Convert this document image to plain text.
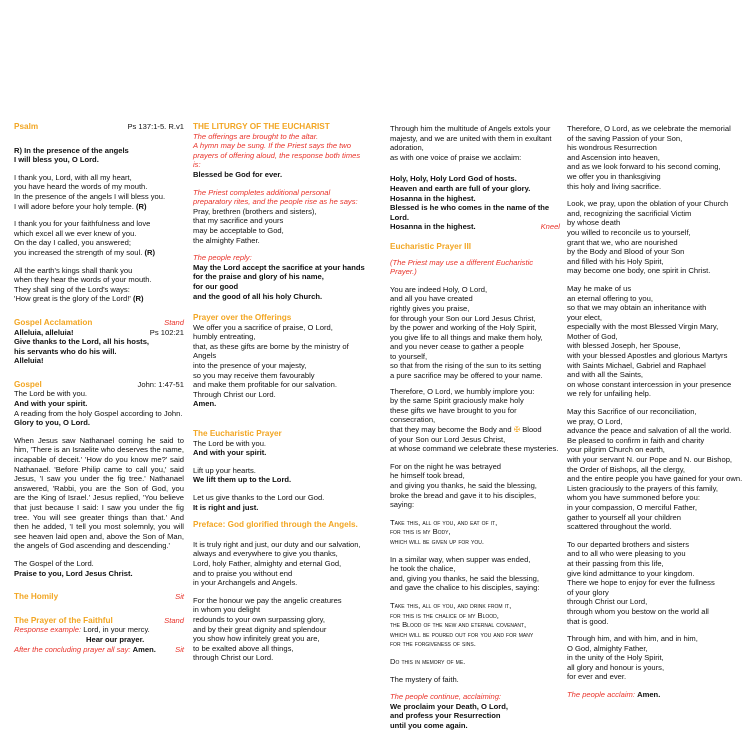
Psalm	Ps 137:1-5. R.v1

R) In the presence of the angels
I will bless you, O Lord.

I thank you, Lord, with all my heart,
you have heard the words of my mouth.
In the presence of the angels I will bless you.
I will adore before your holy temple. (R)

I thank you for your faithfulness and love
which excel all we ever knew of you.
On the day I called, you answered;
you increased the strength of my soul. (R)

All the earth's kings shall thank you
when they hear the words of your mouth.
They shall sing of the Lord's ways:
'How great is the glory of the Lord!' (R)

Gospel Acclamation	Stand
Alleluia, alleluia!	Ps 102:21

Give thanks to the Lord, all his hosts,
his servants who do his will.
Alleluia!

Gospel	John: 1:47-51
The Lord be with you.
And with your spirit.
A reading from the holy Gospel according to John.

Glory to you, O Lord.

When Jesus saw Nathanael coming he said to him, 'There is an Israelite who deserves the name, incapable of deceit.' 'How do you know me?' said Nathanael. 'Before Philip came to call you,' said Jesus, 'I saw you under the fig tree.' Nathanael answered, 'Rabbi, you are the Son of God, you are the King of Israel.' Jesus replied, 'You believe that just because I said: I saw you under the fig tree. You will see greater things than that.' And then he added, 'I tell you most solemnly, you will see heaven laid open and, above the Son of Man, the angels of God ascending and descending.'

The Gospel of the Lord.

Praise to you, Lord Jesus Christ.

The Homily	Sit
The Prayer of the Faithful	Stand
Response example: Lord, in your mercy.
Hear our prayer.
After the concluding prayer all say: Amen.	Sit
THE LITURGY OF THE EUCHARIST

The offerings are brought to the altar.
A hymn may be sung. If the Priest says the two prayers of offering aloud, the response both times is:

Blessed be God for ever.

The Priest completes additional personal preparatory rites, and the people rise as he says:

Pray, brethren (brothers and sisters),
that my sacrifice and yours
may be acceptable to God,
the almighty Father.

The people reply:

May the Lord accept the sacrifice at your hands
for the praise and glory of his name,
for our good
and the good of all his holy Church.

Prayer over the Offerings
We offer you a sacrifice of praise, O Lord,
humbly entreating,
that, as these gifts are borne by the ministry of Angels
into the presence of your majesty,
so you may receive them favourably
and make them profitable for our salvation.
Through Christ our Lord.

Amen.

The Eucharistic Prayer
The Lord be with you.

And with your spirit.

Lift up your hearts.

We lift them up to the Lord.

Let us give thanks to the Lord our God.

It is right and just.

Preface: God glorified through the Angels.

It is truly right and just, our duty and our salvation, always and everywhere to give you thanks,
Lord, holy Father, almighty and eternal God,
and to praise you without end
in your Archangels and Angels.

For the honour we pay the angelic creatures
in whom you delight
redounds to your own surpassing glory,
and by their great dignity and splendour
you show how infinitely great you are,
to be exalted above all things,
through Christ our Lord.

Through him the multitude of Angels extols your majesty, and we are united with them in exultant adoration,
as with one voice of praise we acclaim:

Holy, Holy, Holy Lord God of hosts.
Heaven and earth are full of your glory.
Hosanna in the highest.
Blessed is he who comes in the name of the Lord.
Hosanna in the highest.	Kneel
Eucharistic Prayer III

(The Priest may use a different Eucharistic Prayer.)

You are indeed Holy, O Lord,
and all you have created
rightly gives you praise,
for through your Son our Lord Jesus Christ,
by the power and working of the Holy Spirit,
you give life to all things and make them holy,
and you never cease to gather a people
to yourself,
so that from the rising of the sun to its setting
a pure sacrifice may be offered to your name.

Therefore, O Lord, we humbly implore you:
by the same Spirit graciously make holy
these gifts we have brought to you for
consecration,
that they may become the Body and ✠ Blood
of your Son our Lord Jesus Christ,
at whose command we celebrate these mysteries.

For on the night he was betrayed
he himself took bread,
and giving you thanks, he said the blessing,
broke the bread and gave it to his disciples,
saying:

Take this, all of you, and eat of it,
for this is my Body,
which will be given up for you.

In a similar way, when supper was ended,
he took the chalice,
and, giving you thanks, he said the blessing,
and gave the chalice to his disciples, saying:

Take this, all of you, and drink from it,
for this is the chalice of my Blood,
the Blood of the new and eternal covenant,
which will be poured out for you and for many
for the forgiveness of sins.

Do this in memory of me.

The mystery of faith.

The people continue, acclaiming:

We proclaim your Death, O Lord,
and profess your Resurrection
until you come again.

Therefore, O Lord, as we celebrate the memorial
of the saving Passion of your Son,
his wondrous Resurrection
and Ascension into heaven,
and as we look forward to his second coming,
we offer you in thanksgiving
this holy and living sacrifice.

Look, we pray, upon the oblation of your Church
and, recognizing the sacrificial Victim
by whose death
you willed to reconcile us to yourself,
grant that we, who are nourished
by the Body and Blood of your Son
and filled with his Holy Spirit,
may become one body, one spirit in Christ.

May he make of us
an eternal offering to you,
so that we may obtain an inheritance with
your elect,
especially with the most Blessed Virgin Mary,
Mother of God,
with blessed Joseph, her Spouse,
with your blessed Apostles and glorious Martyrs
with Saints Michael, Gabriel and Raphael
and with all the Saints,
on whose constant intercession in your presence
we rely for unfailing help.

May this Sacrifice of our reconciliation,
we pray, O Lord,
advance the peace and salvation of all the world.
Be pleased to confirm in faith and charity
your pilgrim Church on earth,
with your servant N. our Pope and N. our Bishop,
the Order of Bishops, all the clergy,
and the entire people you have gained for your own.
Listen graciously to the prayers of this family,
whom you have summoned before you:
in your compassion, O merciful Father,
gather to yourself all your children
scattered throughout the world.

To our departed brothers and sisters
and to all who were pleasing to you
at their passing from this life,
give kind admittance to your kingdom.
There we hope to enjoy for ever the fullness
of your glory
through Christ our Lord,
through whom you bestow on the world all
that is good.

Through him, and with him, and in him,
O God, almighty Father,
in the unity of the Holy Spirit,
all glory and honour is yours,
for ever and ever.

The people acclaim: Amen.
